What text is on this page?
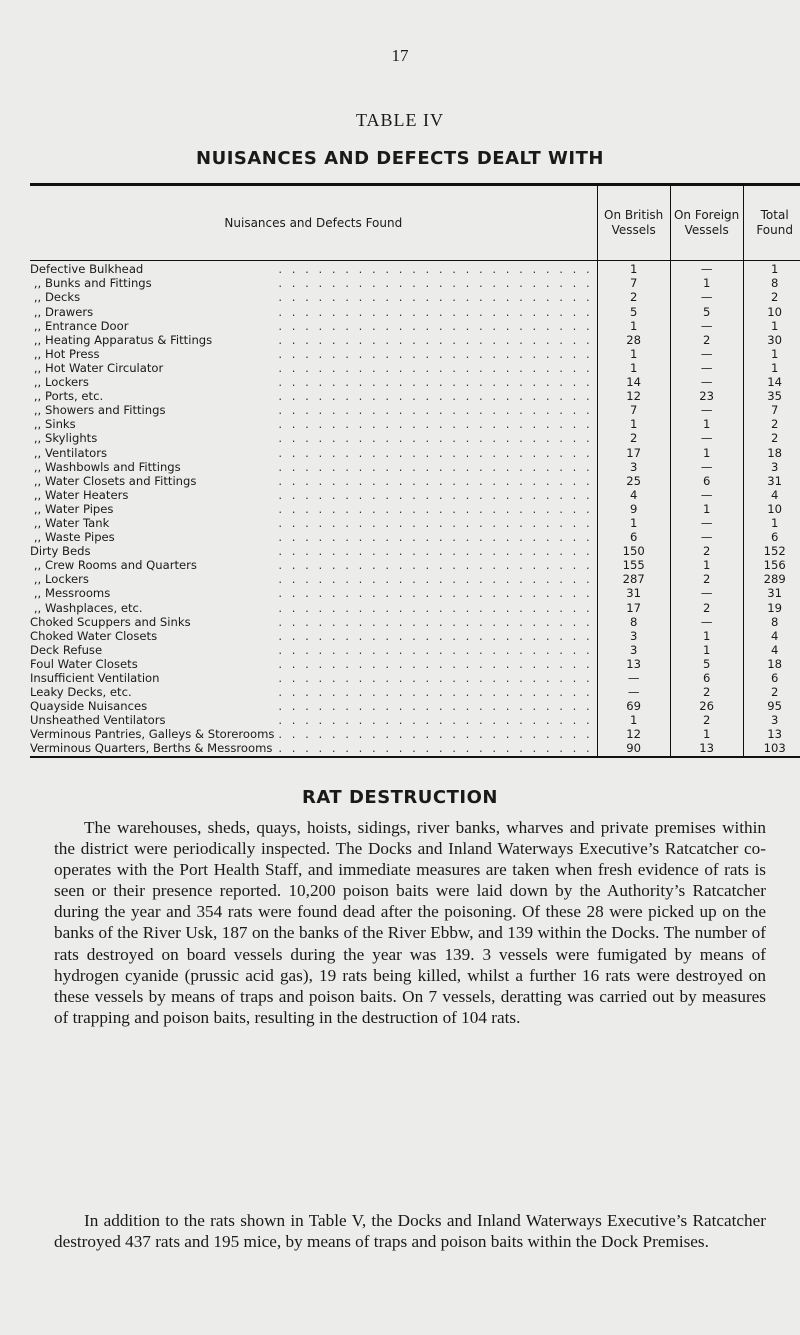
17
TABLE IV
NUISANCES AND DEFECTS DEALT WITH
Nuisances and Defects Found	On British Vessels	On Foreign Vessels	Total Found

Defective Bulkhead . . . . . . . . . . . . . . . . . . . . . . . .	1	—	1

,, Bunks and Fittings . . . . . . . . . . . . . . . . . . . . . . . .	7	1	8

,, Decks . . . . . . . . . . . . . . . . . . . . . . . .	2	—	2

,, Drawers . . . . . . . . . . . . . . . . . . . . . . . .	5	5	10

,, Entrance Door . . . . . . . . . . . . . . . . . . . . . . . .	1	—	1

,, Heating Apparatus & Fittings . . . . . . . . . . . . . . . . . . . . . . . .	28	2	30

,, Hot Press . . . . . . . . . . . . . . . . . . . . . . . .	1	—	1

,, Hot Water Circulator . . . . . . . . . . . . . . . . . . . . . . . .	1	—	1

,, Lockers . . . . . . . . . . . . . . . . . . . . . . . .	14	—	14

,, Ports, etc. . . . . . . . . . . . . . . . . . . . . . . . .	12	23	35

,, Showers and Fittings . . . . . . . . . . . . . . . . . . . . . . . .	7	—	7

,, Sinks . . . . . . . . . . . . . . . . . . . . . . . .	1	1	2

,, Skylights . . . . . . . . . . . . . . . . . . . . . . . .	2	—	2

,, Ventilators . . . . . . . . . . . . . . . . . . . . . . . .	17	1	18

,, Washbowls and Fittings . . . . . . . . . . . . . . . . . . . . . . . .	3	—	3

,, Water Closets and Fittings . . . . . . . . . . . . . . . . . . . . . . . .	25	6	31

,, Water Heaters . . . . . . . . . . . . . . . . . . . . . . . .	4	—	4

,, Water Pipes . . . . . . . . . . . . . . . . . . . . . . . .	9	1	10

,, Water Tank . . . . . . . . . . . . . . . . . . . . . . . .	1	—	1

,, Waste Pipes . . . . . . . . . . . . . . . . . . . . . . . .	6	—	6

Dirty Beds . . . . . . . . . . . . . . . . . . . . . . . .	150	2	152

,, Crew Rooms and Quarters . . . . . . . . . . . . . . . . . . . . . . . .	155	1	156

,, Lockers . . . . . . . . . . . . . . . . . . . . . . . .	287	2	289

,, Messrooms . . . . . . . . . . . . . . . . . . . . . . . .	31	—	31

,, Washplaces, etc. . . . . . . . . . . . . . . . . . . . . . . . .	17	2	19

Choked Scuppers and Sinks . . . . . . . . . . . . . . . . . . . . . . . .	8	—	8

Choked Water Closets . . . . . . . . . . . . . . . . . . . . . . . .	3	1	4

Deck Refuse . . . . . . . . . . . . . . . . . . . . . . . .	3	1	4

Foul Water Closets . . . . . . . . . . . . . . . . . . . . . . . .	13	5	18

Insufficient Ventilation . . . . . . . . . . . . . . . . . . . . . . . .	—	6	6

Leaky Decks, etc. . . . . . . . . . . . . . . . . . . . . . . . .	—	2	2

Quayside Nuisances . . . . . . . . . . . . . . . . . . . . . . . .	69	26	95

Unsheathed Ventilators . . . . . . . . . . . . . . . . . . . . . . . .	1	2	3

Verminous Pantries, Galleys & Storerooms . . . . . . . . . . . . . . . . . . . . . . . .	12	1	13

Verminous Quarters, Berths & Messrooms . . . . . . . . . . . . . . . . . . . . . . . .	90	13	103
RAT DESTRUCTION

The warehouses, sheds, quays, hoists, sidings, river banks, wharves and private premises within the district were periodically inspected. The Docks and Inland Waterways Executive’s Ratcatcher co-operates with the Port Health Staff, and immediate measures are taken when fresh evidence of rats is seen or their presence reported. 10,200 poison baits were laid down by the Authority’s Ratcatcher during the year and 354 rats were found dead after the poisoning. Of these 28 were picked up on the banks of the River Usk, 187 on the banks of the River Ebbw, and 139 within the Docks. The number of rats destroyed on board vessels during the year was 139. 3 vessels were fumigated by means of hydrogen cyanide (prussic acid gas), 19 rats being killed, whilst a further 16 rats were destroyed on these vessels by means of traps and poison baits. On 7 vessels, deratting was carried out by measures of trapping and poison baits, resulting in the destruction of 104 rats.

In addition to the rats shown in Table V, the Docks and Inland Waterways Executive’s Ratcatcher destroyed 437 rats and 195 mice, by means of traps and poison baits within the Dock Premises.
